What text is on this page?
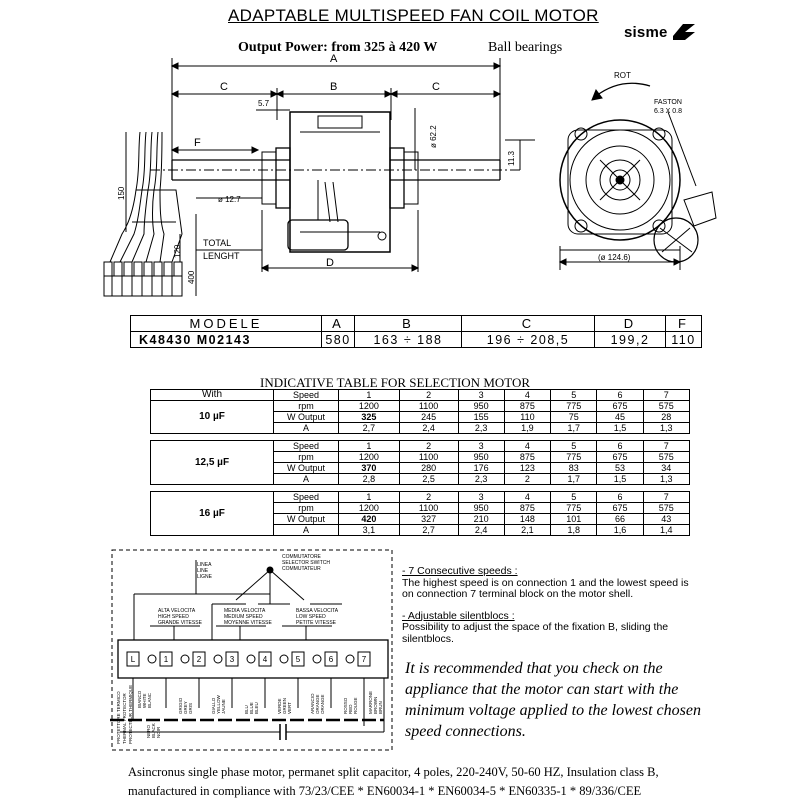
ADAPTABLE MULTISPEED FAN COIL MOTOR
sisme
Output Power: from 325 à 420 W	Ball bearings
A
C	B	C
D
F
5.7
ø 12.7
ø 62.2
11.3
150
120
400
TOTAL
LENGHT
ROT
FASTON
6.3 X 0.8
(ø 124.6)
MODELE	A	B	C	D	F
K48430 M02143	580	163 ÷ 188	196 ÷ 208,5	199,2	110
INDICATIVE TABLE FOR SELECTION MOTOR
With	Speed	1	2	3	4	5	6	7
10 µF	rpm	1200	1100	950	875	775	675	575
	W Output	325	245	155	110	75	45	28
	A	2,7	2,4	2,3	1,9	1,7	1,5	1,3

12,5 µF	Speed	1	2	3	4	5	6	7
	rpm	1200	1100	950	875	775	675	575
	W Output	370	280	176	123	83	53	34
	A	2,8	2,5	2,3	2	1,7	1,5	1,3

16 µF	Speed	1	2	3	4	5	6	7
	rpm	1200	1100	950	875	775	675	575
	W Output	420	327	210	148	101	66	43
	A	3,1	2,7	2,4	2,1	1,8	1,6	1,4
LINEA
LINE
LIGNE
COMMUTATORE
SELECTOR SWITCH
COMMUTATEUR
ALTA VELOCITA
HIGH SPEED
GRANDE VITESSE
MEDIA VELOCITA
MEDIUM SPEED
MOYENNE VITESSE
BASSA VELOCITA
LOW SPEED
PETITE VITESSE
L	1	2	3	4	5	6	7
PROTETTORE TERMICO THERMAL PROTECTOR PROTECTEUR THERMIQUE BIANCO WHITE BLANC
NERO BLACK NOIR
GRIGIO GREY GRIS	GIALLO YELLOW JAUNE	BLU BLUE BLEU	VERDE GREEN VERT	ARANCIO ORANGE ORANGE	ROSSO RED ROUGE MARRONE BROWN BRUN
- 7 Consecutive speeds :
The highest speed is on connection 1 and the lowest speed is on connection 7 terminal block on the motor shell.
- Adjustable silentblocs :
Possibility to adjust the space of the fixation B, sliding the silentblocs.
It is recommended that you check on the appliance that the motor can start with the minimum voltage applied to the lowest chosen speed connections.
Asincronus single phase motor, permanet split capacitor, 4 poles, 220-240V, 50-60 HZ, Insulation class B,
manufactured in compliance with 73/23/CEE * EN60034-1 * EN60034-5 * EN60335-1 * 89/336/CEE
